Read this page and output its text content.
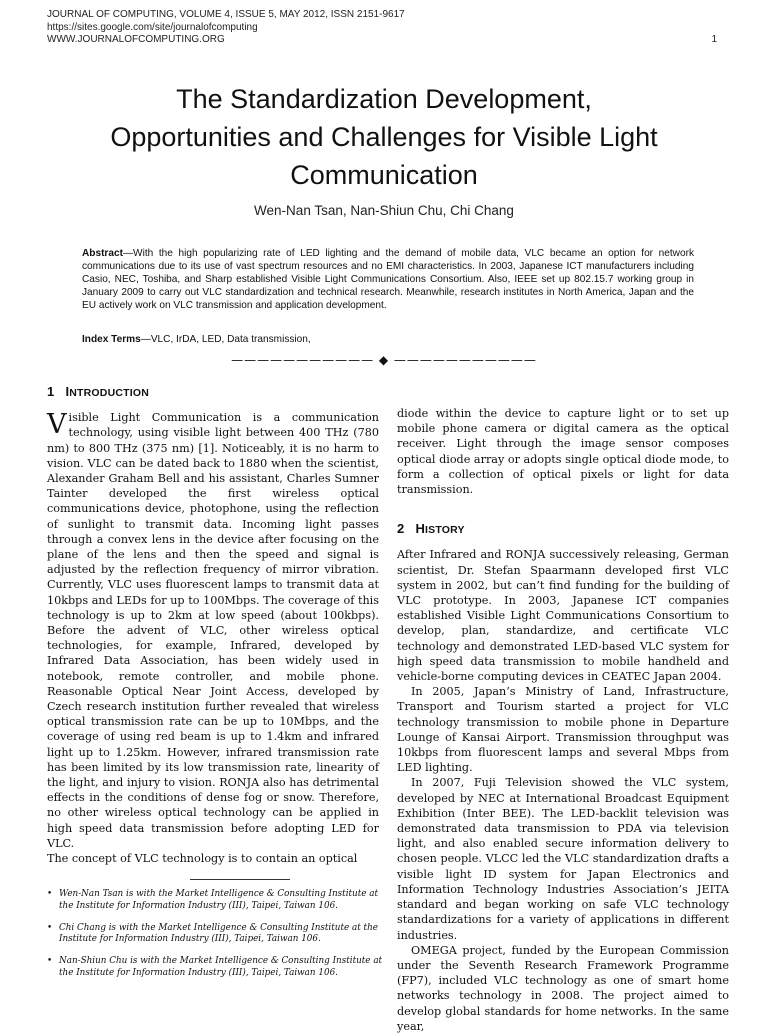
JOURNAL OF COMPUTING, VOLUME 4, ISSUE 5, MAY 2012, ISSN 2151-9617
https://sites.google.com/site/journalofcomputing
WWW.JOURNALOFCOMPUTING.ORG	1
The Standardization Development,
Opportunities and Challenges for Visible Light
Communication
Wen-Nan Tsan, Nan-Shiun Chu, Chi Chang
Abstract—With the high popularizing rate of LED lighting and the demand of mobile data, VLC became an option for network communications due to its use of vast spectrum resources and no EMI characteristics. In 2003, Japanese ICT manufacturers including Casio, NEC, Toshiba, and Sharp established Visible Light Communications Consortium. Also, IEEE set up 802.15.7 working group in January 2009 to carry out VLC standardization and technical research. Meanwhile, research institutes in North America, Japan and the EU actively work on VLC transmission and application development.
Index Terms—VLC, IrDA, LED, Data transmission,
——————————— ◆ ———————————
1 INTRODUCTION

Visible Light Communication is a communication technology, using visible light between 400 THz (780 nm) to 800 THz (375 nm) [1]. Noticeably, it is no harm to vision. VLC can be dated back to 1880 when the scientist, Alexander Graham Bell and his assistant, Charles Sumner Tainter developed the first wireless optical communications device, photophone, using the reflection of sunlight to transmit data. Incoming light passes through a convex lens in the device after focusing on the plane of the lens and then the speed and signal is adjusted by the reflection frequency of mirror vibration. Currently, VLC uses fluorescent lamps to transmit data at 10kbps and LEDs for up to 100Mbps. The coverage of this technology is up to 2km at low speed (about 100kbps). Before the advent of VLC, other wireless optical technologies, for example, Infrared, developed by Infrared Data Association, has been widely used in notebook, remote controller, and mobile phone. Reasonable Optical Near Joint Access, developed by Czech research institution further revealed that wireless optical transmission rate can be up to 10Mbps, and the coverage of using red beam is up to 1.4km and infrared light up to 1.25km. However, infrared transmission rate has been limited by its low transmission rate, linearity of the light, and injury to vision. RONJA also has detrimental effects in the conditions of dense fog or snow. Therefore, no other wireless optical technology can be applied in high speed data transmission before adopting LED for VLC.

The concept of VLC technology is to contain an optical

diode within the device to capture light or to set up mobile phone camera or digital camera as the optical receiver. Light through the image sensor composes optical diode array or adopts single optical diode mode, to form a collection of optical pixels or light for data transmission.

2 HISTORY

After Infrared and RONJA successively releasing, German scientist, Dr. Stefan Spaarmann developed first VLC system in 2002, but can’t find funding for the building of VLC prototype. In 2003, Japanese ICT companies established Visible Light Communications Consortium to develop, plan, standardize, and certificate VLC technology and demonstrated LED-based VLC system for high speed data transmission to mobile handheld and vehicle-borne computing devices in CEATEC Japan 2004.

In 2005, Japan’s Ministry of Land, Infrastructure, Transport and Tourism started a project for VLC technology transmission to mobile phone in Departure Lounge of Kansai Airport. Transmission throughput was 10kbps from fluorescent lamps and several Mbps from LED lighting.

In 2007, Fuji Television showed the VLC system, developed by NEC at International Broadcast Equipment Exhibition (Inter BEE). The LED-backlit television was demonstrated data transmission to PDA via television light, and also enabled secure information delivery to chosen people. VLCC led the VLC standardization drafts a visible light ID system for Japan Electronics and Information Technology Industries Association’s JEITA standard and began working on safe VLC technology standardizations for a variety of applications in different industries.

OMEGA project, funded by the European Commission under the Seventh Research Framework Programme (FP7), included VLC technology as one of smart home networks technology in 2008. The project aimed to develop global standards for home networks. In the same year,

• Wen-Nan Tsan is with the Market Intelligence & Consulting Institute at the Institute for Information Industry (III), Taipei, Taiwan 106.
• Chi Chang is with the Market Intelligence & Consulting Institute at the Institute for Information Industry (III), Taipei, Taiwan 106.
• Nan-Shiun Chu is with the Market Intelligence & Consulting Institute at the Institute for Information Industry (III), Taipei, Taiwan 106.
